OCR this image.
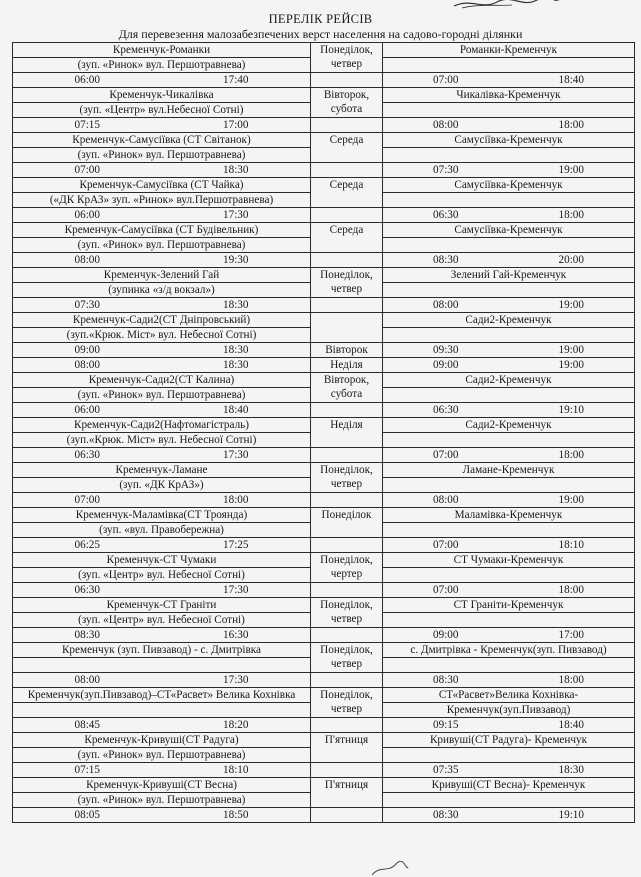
ПЕРЕЛІК РЕЙСІВ
Для перевезення малозабезпечених верст населення на садово-городні ділянки
Кременчук-Романки	Понеділок, четвер	Романки-Кременчук
(зуп. «Ринок» вул. Першотравнева)		

06:00 17:40		07:00 18:40

Кременчук-Чикалівка	Вівторок, субота	Чикалівка-Кременчук
(зуп. «Центр» вул.Небесної Сотні)		

07:15 17:00		08:00 18:00

Кременчук-Самусіївка (СТ Світанок)	Середа	Самусіївка-Кременчук
(зуп. «Ринок» вул. Першотравнева)		

07:00 18:30		07:30 19:00

Кременчук-Самусіївка (СТ Чайка)	Середа	Самусіївка-Кременчук
(«ДК КрАЗ» зуп. «Ринок» вул.Першотравнева)		

06:00 17:30		06:30 18:00

Кременчук-Самусіївка (СТ Будівельник)	Середа	Самусіївка-Кременчук
(зуп. «Ринок» вул. Першотравнева)		

08:00 19:30		08:30 20:00

Кременчук-Зелений Гай	Понеділок, четвер	Зелений Гай-Кременчук
(зупинка «з/д вокзал»)		

07:30 18:30		08:00 19:00

Кременчук-Сади2(СТ Дніпровський)		Сади2-Кременчук
(зуп.«Крюк. Міст» вул. Небесної Сотні)		

09:00 18:30	Вівторок	09:30 19:00

08:00 18:30	Неділя	09:00 19:00

Кременчук-Сади2(СТ Калина)	Вівторок, субота	Сади2-Кременчук
(зуп. «Ринок» вул. Першотравнева)		

06:00 18:40		06:30 19:10

Кременчук-Сади2(Нафтомагістраль)	Неділя	Сади2-Кременчук
(зуп.«Крюк. Міст» вул. Небесної Сотні)		

06:30 17:30		07:00 18:00

Кременчук-Ламане	Понеділок, четвер	Ламане-Кременчук
(зуп. «ДК КрАЗ»)		

07:00 18:00		08:00 19:00

Кременчук-Маламівка(СТ Троянда)	Понеділок	Маламівка-Кременчук
(зуп. «вул. Правобережна)		

06:25 17:25		07:00 18:10

Кременчук-СТ Чумаки	Понеділок, чертер	СТ Чумаки-Кременчук
(зуп. «Центр» вул. Небесної Сотні)		

06:30 17:30		07:00 18:00

Кременчук-СТ Граніти	Понеділок, четвер	СТ Граніти-Кременчук
(зуп. «Центр» вул. Небесної Сотні)		

08:30 16:30		09:00 17:00

Кременчук (зуп. Пивзавод) - с. Дмитрівка	Понеділок, четвер	с. Дмитрівка - Кременчук(зуп. Пивзавод)

08:00 17:30		08:30 18:00

Кременчук(зуп.Пивзавод)–СТ«Расвет» Велика Кохнівка	Понеділок, четвер	СТ«Расвет»Велика Кохнівка-
		Кременчук(зуп.Пивзавод)

08:45 18:20		09:15 18:40

Кременчук-Кривуші(СТ Радуга)	П'ятниця	Кривуші(СТ Радуга)- Кременчук
(зуп. «Ринок» вул. Першотравнева)		

07:15 18:10		07:35 18:30

Кременчук-Кривуші(СТ Весна)	П'ятниця	Кривуші(СТ Весна)- Кременчук
(зуп. «Ринок» вул. Першотравнева)		

08:05 18:50		08:30 19:10
